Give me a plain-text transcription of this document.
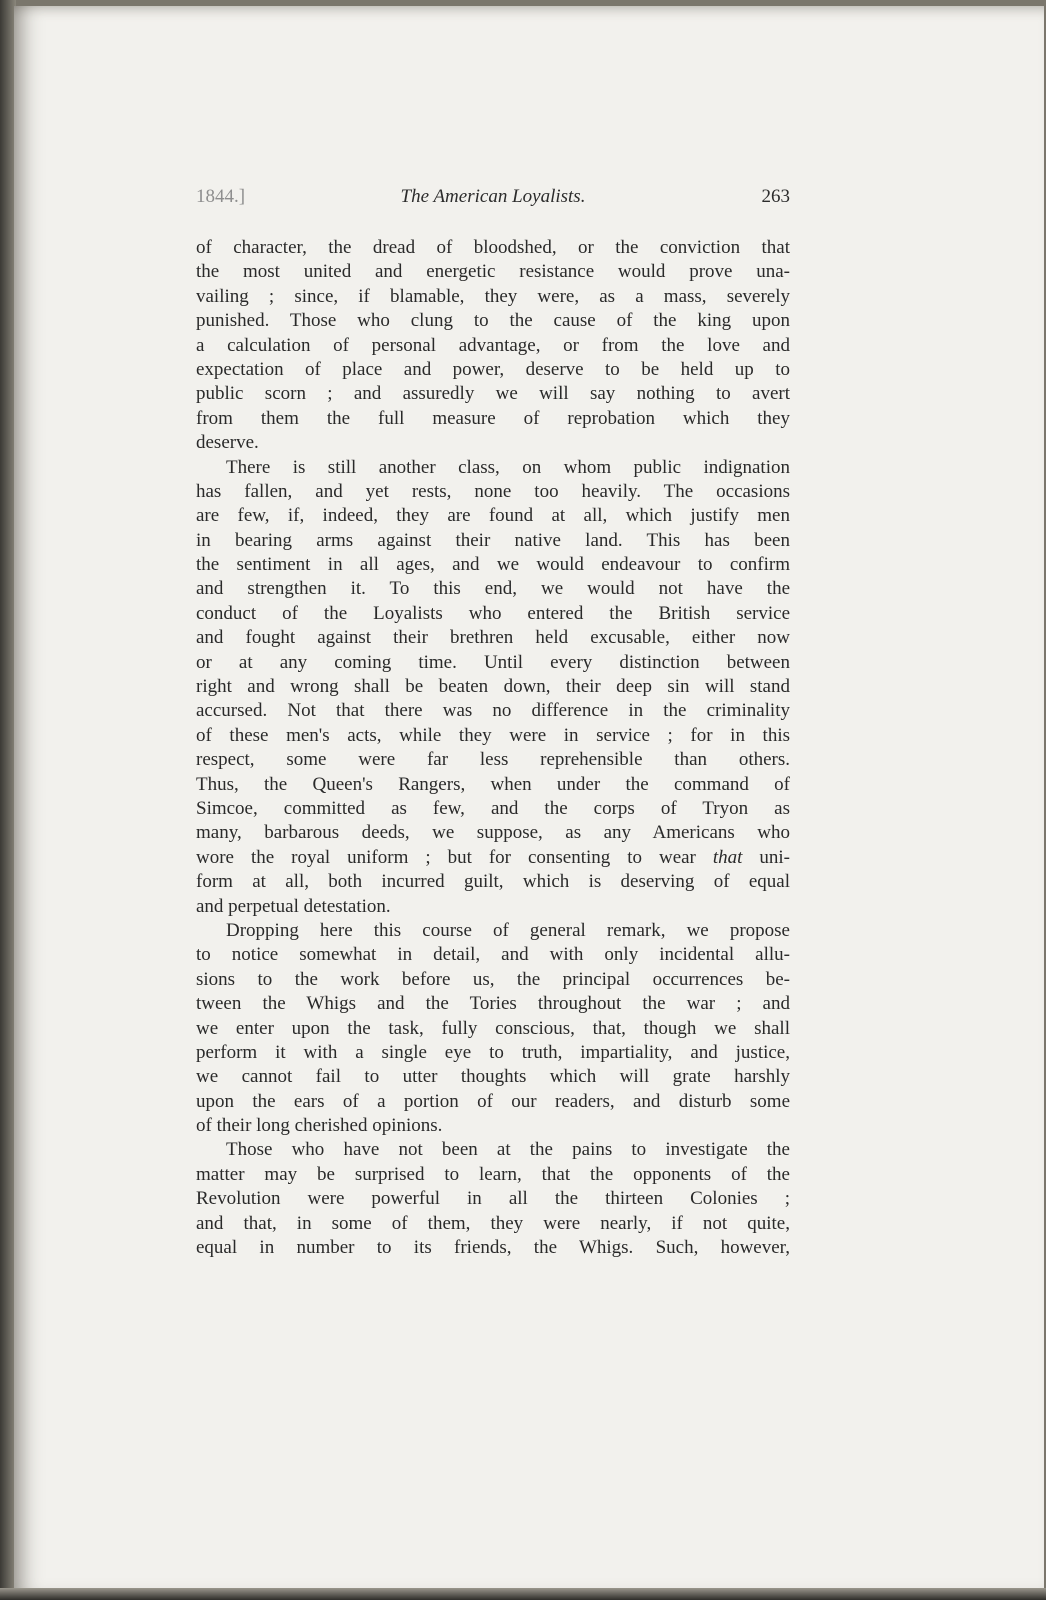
1844.]	The American Loyalists.	263
of character, the dread of bloodshed, or the conviction that
the most united and energetic resistance would prove una-
vailing ; since, if blamable, they were, as a mass, severely
punished. Those who clung to the cause of the king upon
a calculation of personal advantage, or from the love and
expectation of place and power, deserve to be held up to
public scorn ; and assuredly we will say nothing to avert
from them the full measure of reprobation which they
deserve.
There is still another class, on whom public indignation
has fallen, and yet rests, none too heavily. The occasions
are few, if, indeed, they are found at all, which justify men
in bearing arms against their native land. This has been
the sentiment in all ages, and we would endeavour to confirm
and strengthen it. To this end, we would not have the
conduct of the Loyalists who entered the British service
and fought against their brethren held excusable, either now
or at any coming time. Until every distinction between
right and wrong shall be beaten down, their deep sin will stand
accursed. Not that there was no difference in the criminality
of these men's acts, while they were in service ; for in this
respect, some were far less reprehensible than others.
Thus, the Queen's Rangers, when under the command of
Simcoe, committed as few, and the corps of Tryon as
many, barbarous deeds, we suppose, as any Americans who
wore the royal uniform ; but for consenting to wear that uni-
form at all, both incurred guilt, which is deserving of equal
and perpetual detestation.
Dropping here this course of general remark, we propose
to notice somewhat in detail, and with only incidental allu-
sions to the work before us, the principal occurrences be-
tween the Whigs and the Tories throughout the war ; and
we enter upon the task, fully conscious, that, though we shall
perform it with a single eye to truth, impartiality, and justice,
we cannot fail to utter thoughts which will grate harshly
upon the ears of a portion of our readers, and disturb some
of their long cherished opinions.
Those who have not been at the pains to investigate the
matter may be surprised to learn, that the opponents of the
Revolution were powerful in all the thirteen Colonies ;
and that, in some of them, they were nearly, if not quite,
equal in number to its friends, the Whigs. Such, however,
